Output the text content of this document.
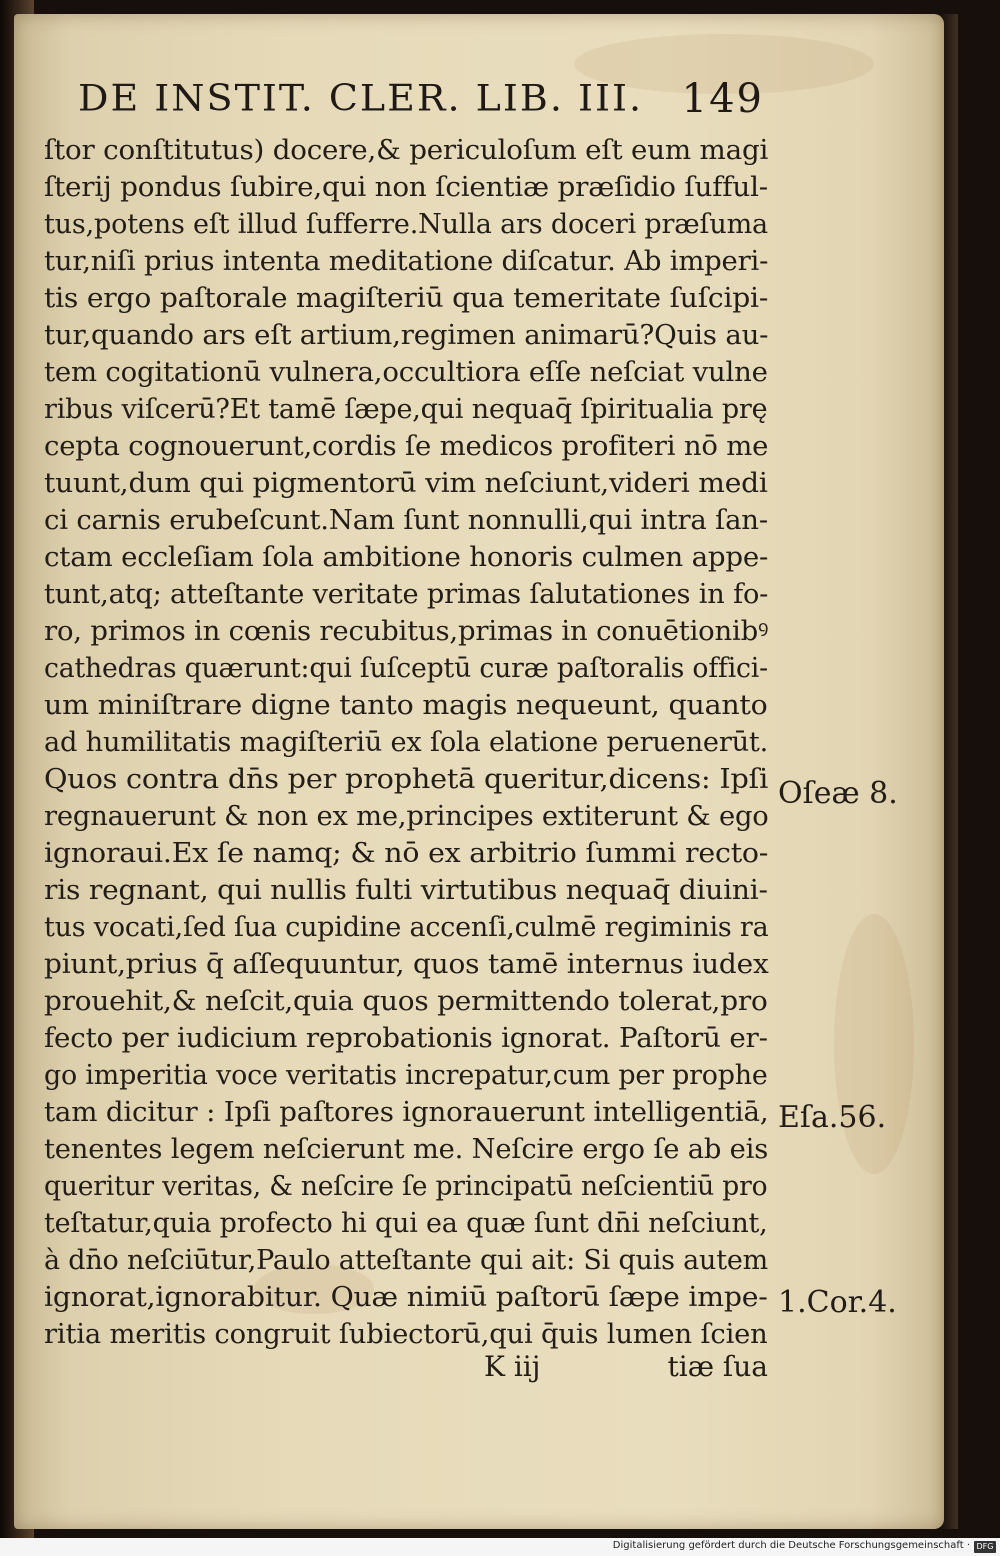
DE INSTIT. CLER. LIB. III. 149
ſtor conſtitutus) docere,& periculoſum eſt eum magi
ſterij pondus ſubire,qui non ſcientiæ præſidio ſufful-
tus,potens eſt illud ſufferre.Nulla ars doceri præſuma
tur,niſi prius intenta meditatione diſcatur. Ab imperi-
tis ergo paſtorale magiſteriū qua temeritate ſuſcipi-
tur,quando ars eſt artium,regimen animarū?Quis au-
tem cogitationū vulnera,occultiora eſſe neſciat vulne
ribus viſcerū?Et tamē ſæpe,qui nequaq̄ ſpiritualia prę
cepta cognouerunt,cordis ſe medicos profiteri nō me
tuunt,dum qui pigmentorū vim neſciunt,videri medi
ci carnis erubeſcunt.Nam ſunt nonnulli,qui intra ſan-
ctam eccleſiam ſola ambitione honoris culmen appe-
tunt,atq; atteſtante veritate primas ſalutationes in fo-
ro, primos in cœnis recubitus,primas in conuētionibꝰ
cathedras quærunt:qui ſuſceptū curæ paſtoralis offici-
um miniſtrare digne tanto magis nequeunt, quanto
ad humilitatis magiſteriū ex ſola elatione peruenerūt.
Quos contra dn̄s per prophetā queritur,dicens: Ipſi
regnauerunt & non ex me,principes extiterunt & ego
ignoraui.Ex ſe namq; & nō ex arbitrio ſummi recto-
ris regnant, qui nullis fulti virtutibus nequaq̄ diuini-
tus vocati,ſed ſua cupidine accenſi,culmē regiminis ra
piunt,prius q̄ aſſequuntur, quos tamē internus iudex
prouehit,& neſcit,quia quos permittendo tolerat,pro
fecto per iudicium reprobationis ignorat. Paſtorū er-
go imperitia voce veritatis increpatur,cum per prophe
tam dicitur : Ipſi paſtores ignorauerunt intelligentiā,
tenentes legem neſcierunt me. Neſcire ergo ſe ab eis
queritur veritas, & neſcire ſe principatū neſcientiū pro
teſtatur,quia profecto hi qui ea quæ ſunt dn̄i neſciunt,
à dn̄o neſciūtur,Paulo atteſtante qui ait: Si quis autem
ignorat,ignorabitur. Quæ nimiū paſtorū ſæpe impe-
ritia meritis congruit ſubiectorū,qui q̄uis lumen ſcien
K iij	tiæ ſua
Oſeæ 8.
Eſa.56.
1.Cor.4.
Digitalisierung gefördert durch die Deutsche Forschungsgemeinschaft · DFG
